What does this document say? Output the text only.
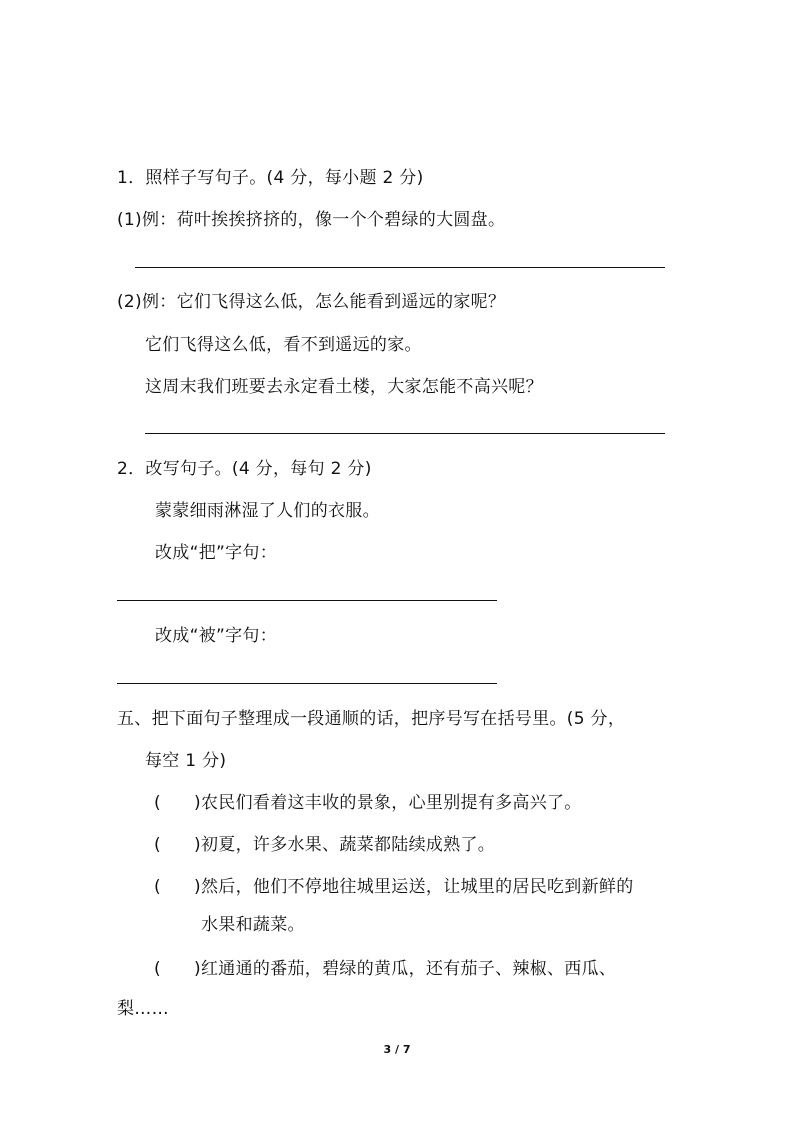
1．照样子写句子。(4 分，每小题 2 分)
(1)例：荷叶挨挨挤挤的，像一个个碧绿的大圆盘。
(2)例：它们飞得这么低，怎么能看到遥远的家呢？
它们飞得这么低，看不到遥远的家。
这周末我们班要去永定看土楼，大家怎能不高兴呢？
2．改写句子。(4 分，每句 2 分)
蒙蒙细雨淋湿了人们的衣服。
改成“把”字句：
改成“被”字句：
五、把下面句子整理成一段通顺的话，把序号写在括号里。(5 分，
每空 1 分)
( ) 农民们看着这丰收的景象，心里别提有多高兴了。
( ) 初夏，许多水果、蔬菜都陆续成熟了。
( ) 然后，他们不停地往城里运送，让城里的居民吃到新鲜的
水果和蔬菜。
( ) 红通通的番茄，碧绿的黄瓜，还有茄子、辣椒、西瓜、
梨……
3 / 7
